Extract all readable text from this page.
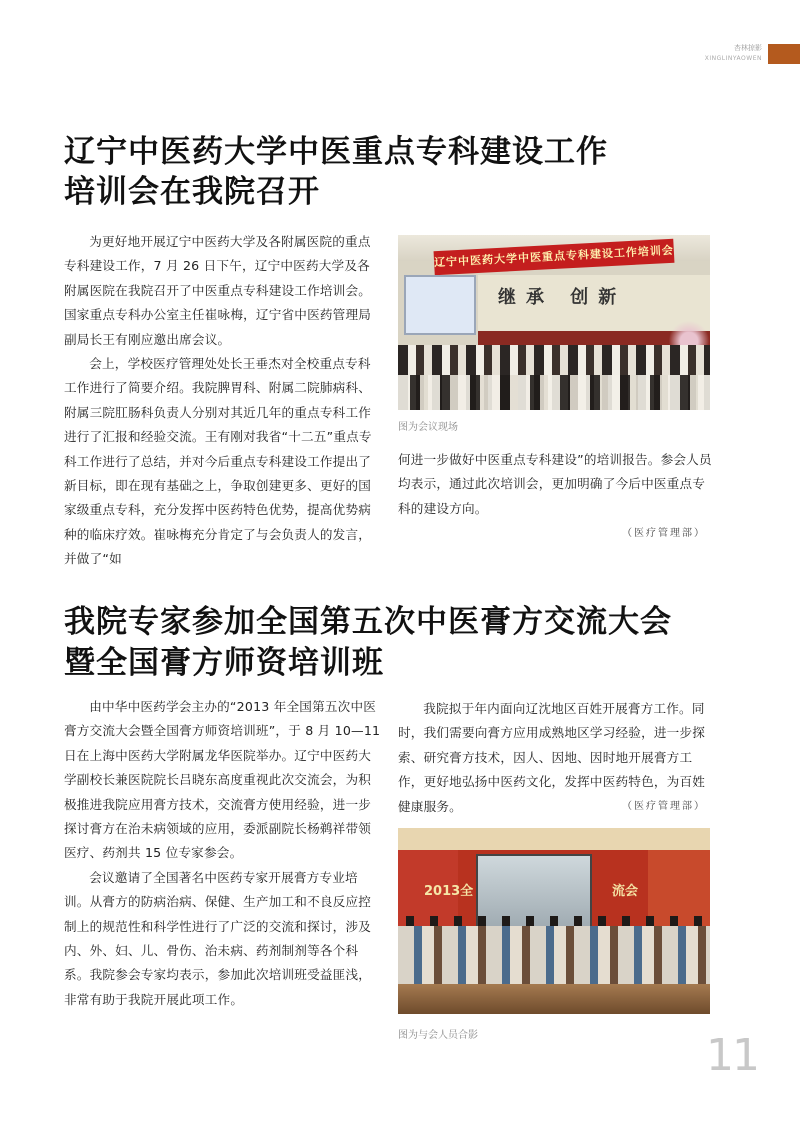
杏林掠影
XINGLINYAOWEN
辽宁中医药大学中医重点专科建设工作
培训会在我院召开

为更好地开展辽宁中医药大学及各附属医院的重点专科建设工作，7 月 26 日下午，辽宁中医药大学及各附属医院在我院召开了中医重点专科建设工作培训会。国家重点专科办公室主任崔咏梅，辽宁省中医药管理局副局长王有刚应邀出席会议。

会上，学校医疗管理处处长王垂杰对全校重点专科工作进行了简要介绍。我院脾胃科、附属二院肺病科、附属三院肛肠科负责人分别对其近几年的重点专科工作进行了汇报和经验交流。王有刚对我省“十二五”重点专科工作进行了总结，并对今后重点专科建设工作提出了新目标，即在现有基础之上，争取创建更多、更好的国家级重点专科，充分发挥中医药特色优势，提高优势病种的临床疗效。崔咏梅充分肯定了与会负责人的发言，并做了“如

辽宁中医药大学中医重点专科建设工作培训会
继承 创新
图为会议现场

何进一步做好中医重点专科建设”的培训报告。参会人员均表示，通过此次培训会，更加明确了今后中医重点专科的建设方向。

（医疗管理部）
我院专家参加全国第五次中医膏方交流大会
暨全国膏方师资培训班

由中华中医药学会主办的“2013 年全国第五次中医膏方交流大会暨全国膏方师资培训班”，于 8 月 10—11 日在上海中医药大学附属龙华医院举办。辽宁中医药大学副校长兼医院院长吕晓东高度重视此次交流会，为积极推进我院应用膏方技术，交流膏方使用经验，进一步探讨膏方在治未病领域的应用，委派副院长杨鹈祥带领医疗、药剂共 15 位专家参会。

会议邀请了全国著名中医药专家开展膏方专业培训。从膏方的防病治病、保健、生产加工和不良反应控制上的规范性和科学性进行了广泛的交流和探讨，涉及内、外、妇、儿、骨伤、治未病、药剂制剂等各个科系。我院参会专家均表示，参加此次培训班受益匪浅，非常有助于我院开展此项工作。

我院拟于年内面向辽沈地区百姓开展膏方工作。同时，我们需要向膏方应用成熟地区学习经验，进一步探索、研究膏方技术，因人、因地、因时地开展膏方工作，更好地弘扬中医药文化，发挥中医药特色，为百姓健康服务。	（医疗管理部）
2013全	流会
图为与会人员合影	11
